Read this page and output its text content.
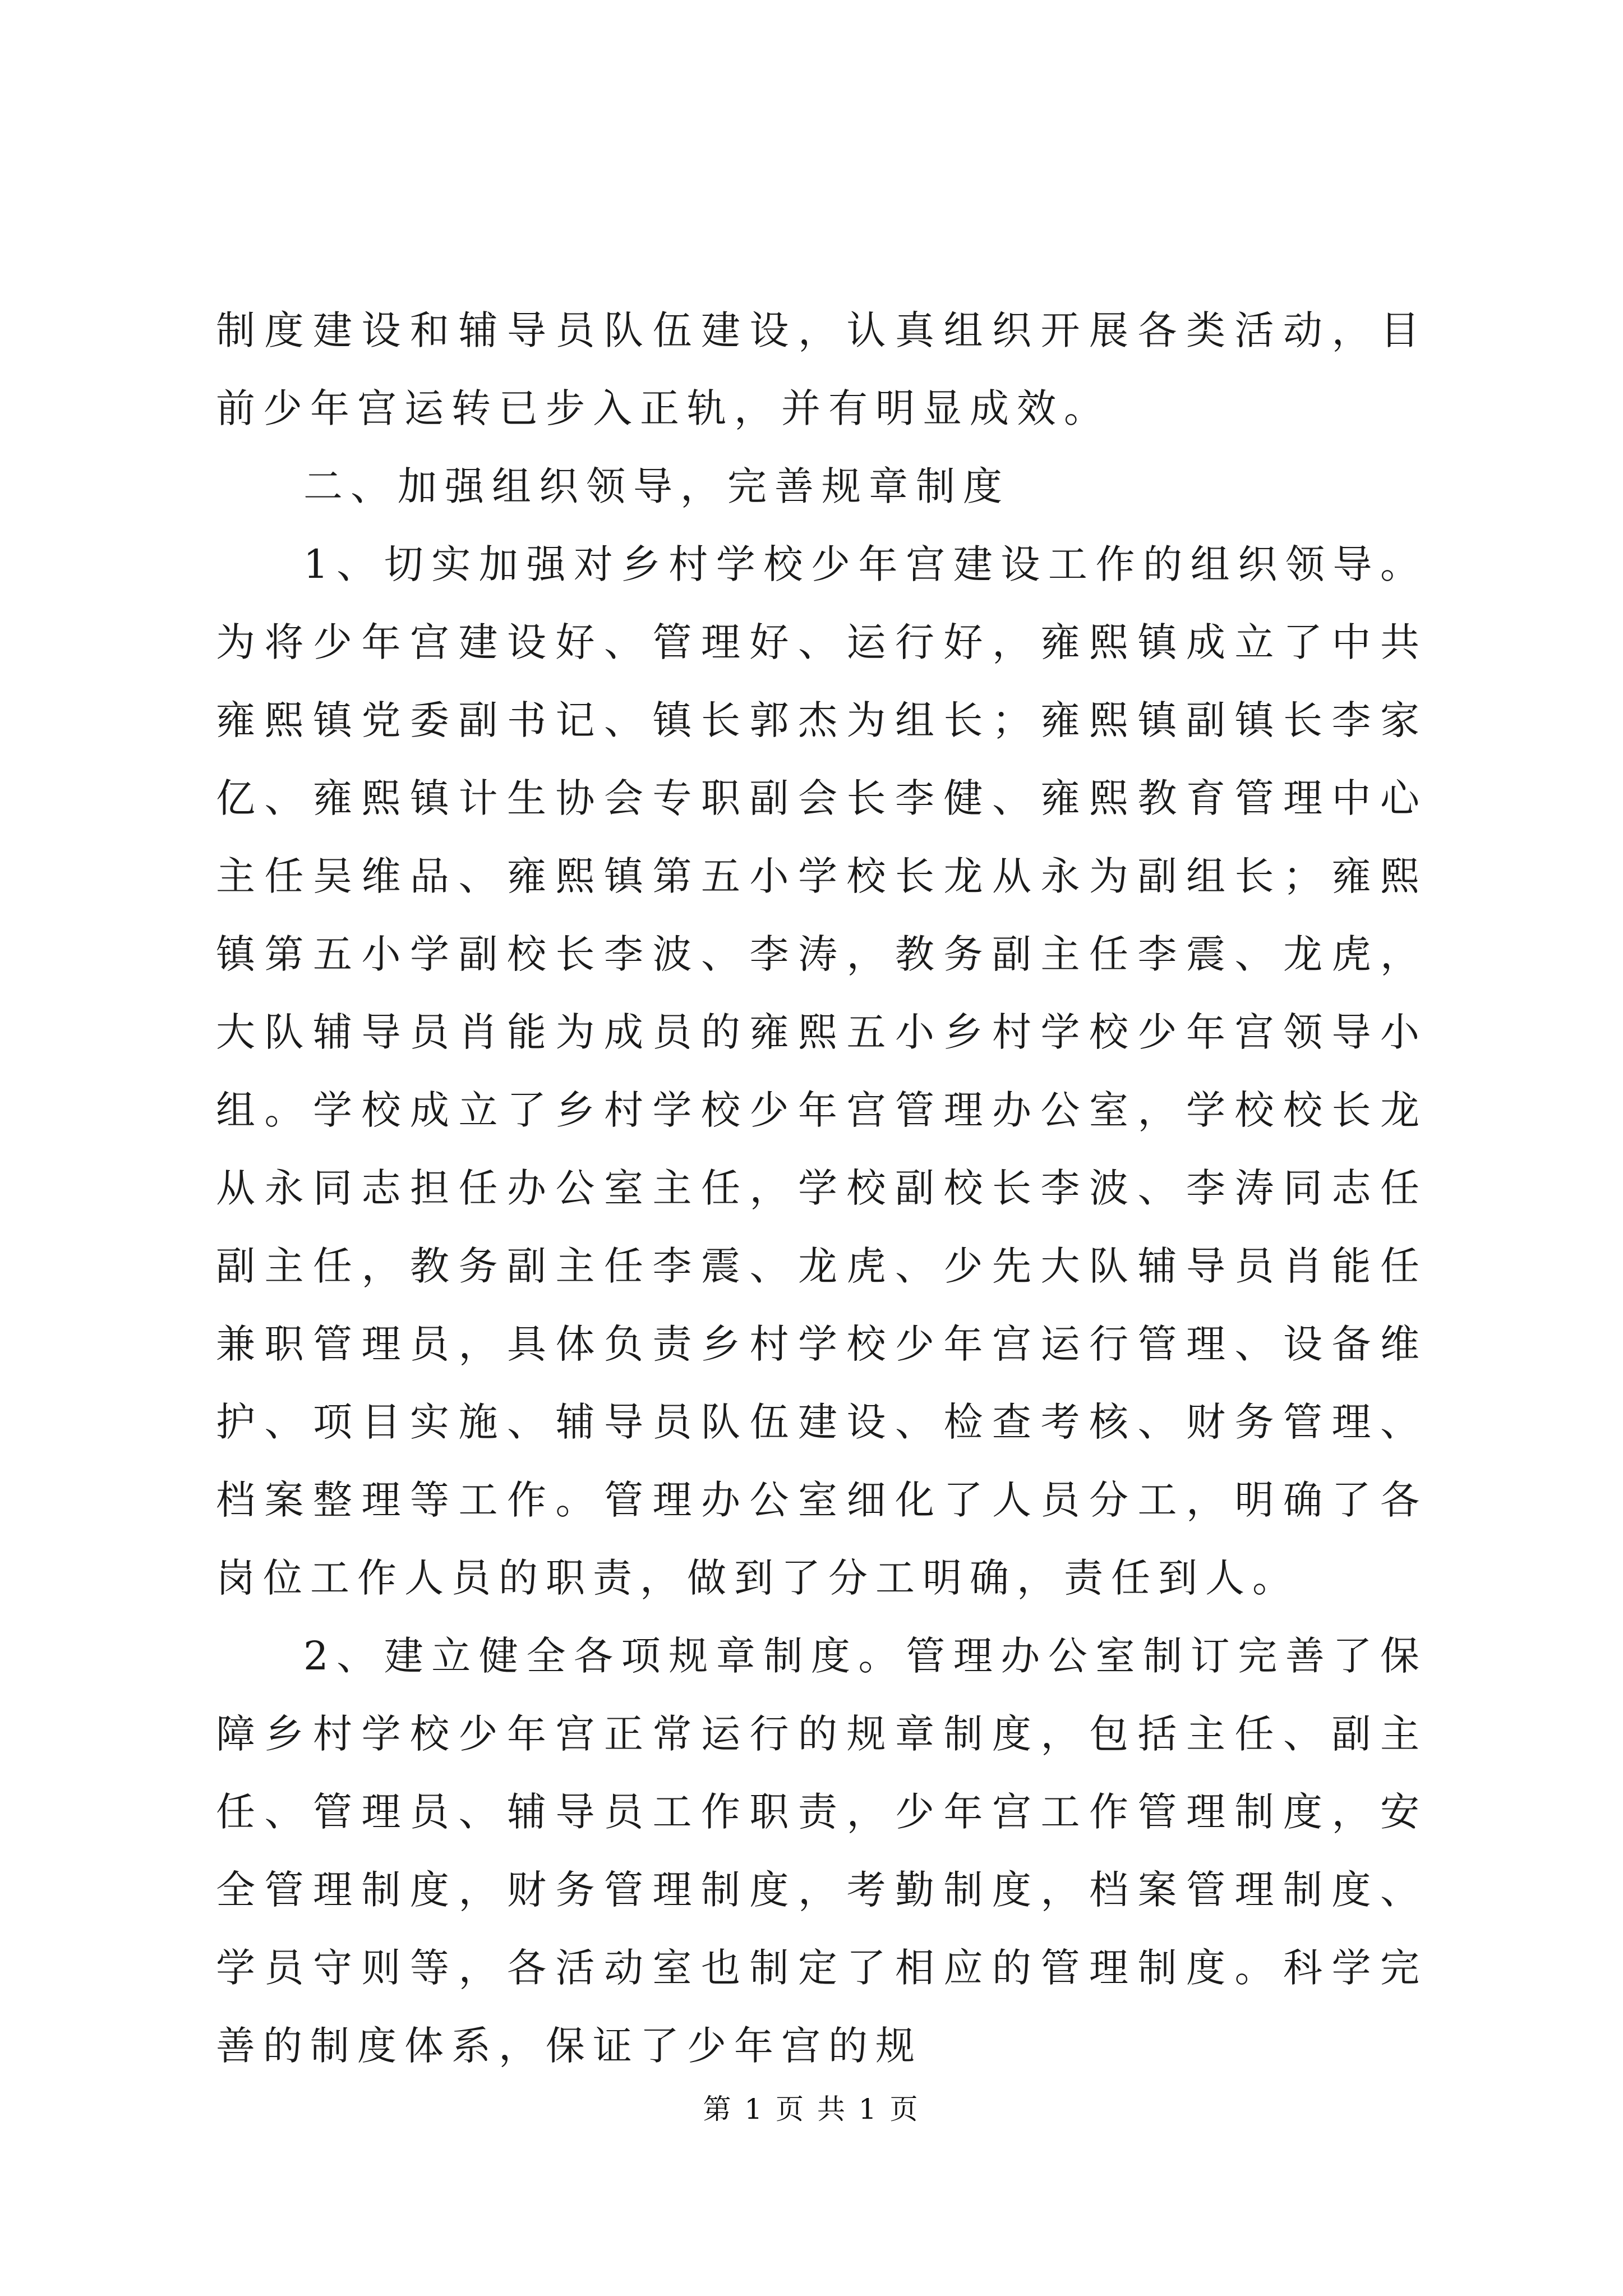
制度建设和辅导员队伍建设，认真组织开展各类活动，目前少年宫运转已步入正轨，并有明显成效。

二、加强组织领导，完善规章制度

1、切实加强对乡村学校少年宫建设工作的组织领导。为将少年宫建设好、管理好、运行好，雍熙镇成立了中共雍熙镇党委副书记、镇长郭杰为组长；雍熙镇副镇长李家亿、雍熙镇计生协会专职副会长李健、雍熙教育管理中心主任吴维品、雍熙镇第五小学校长龙从永为副组长；雍熙镇第五小学副校长李波、李涛，教务副主任李震、龙虎，大队辅导员肖能为成员的雍熙五小乡村学校少年宫领导小组。学校成立了乡村学校少年宫管理办公室，学校校长龙从永同志担任办公室主任，学校副校长李波、李涛同志任副主任，教务副主任李震、龙虎、少先大队辅导员肖能任兼职管理员，具体负责乡村学校少年宫运行管理、设备维护、项目实施、辅导员队伍建设、检查考核、财务管理、档案整理等工作。管理办公室细化了人员分工，明确了各岗位工作人员的职责，做到了分工明确，责任到人。

2、建立健全各项规章制度。管理办公室制订完善了保障乡村学校少年宫正常运行的规章制度，包括主任、副主任、管理员、辅导员工作职责，少年宫工作管理制度，安全管理制度，财务管理制度，考勤制度，档案管理制度、学员守则等，各活动室也制定了相应的管理制度。科学完善的制度体系，保证了少年宫的规

第 1 页 共 1 页
